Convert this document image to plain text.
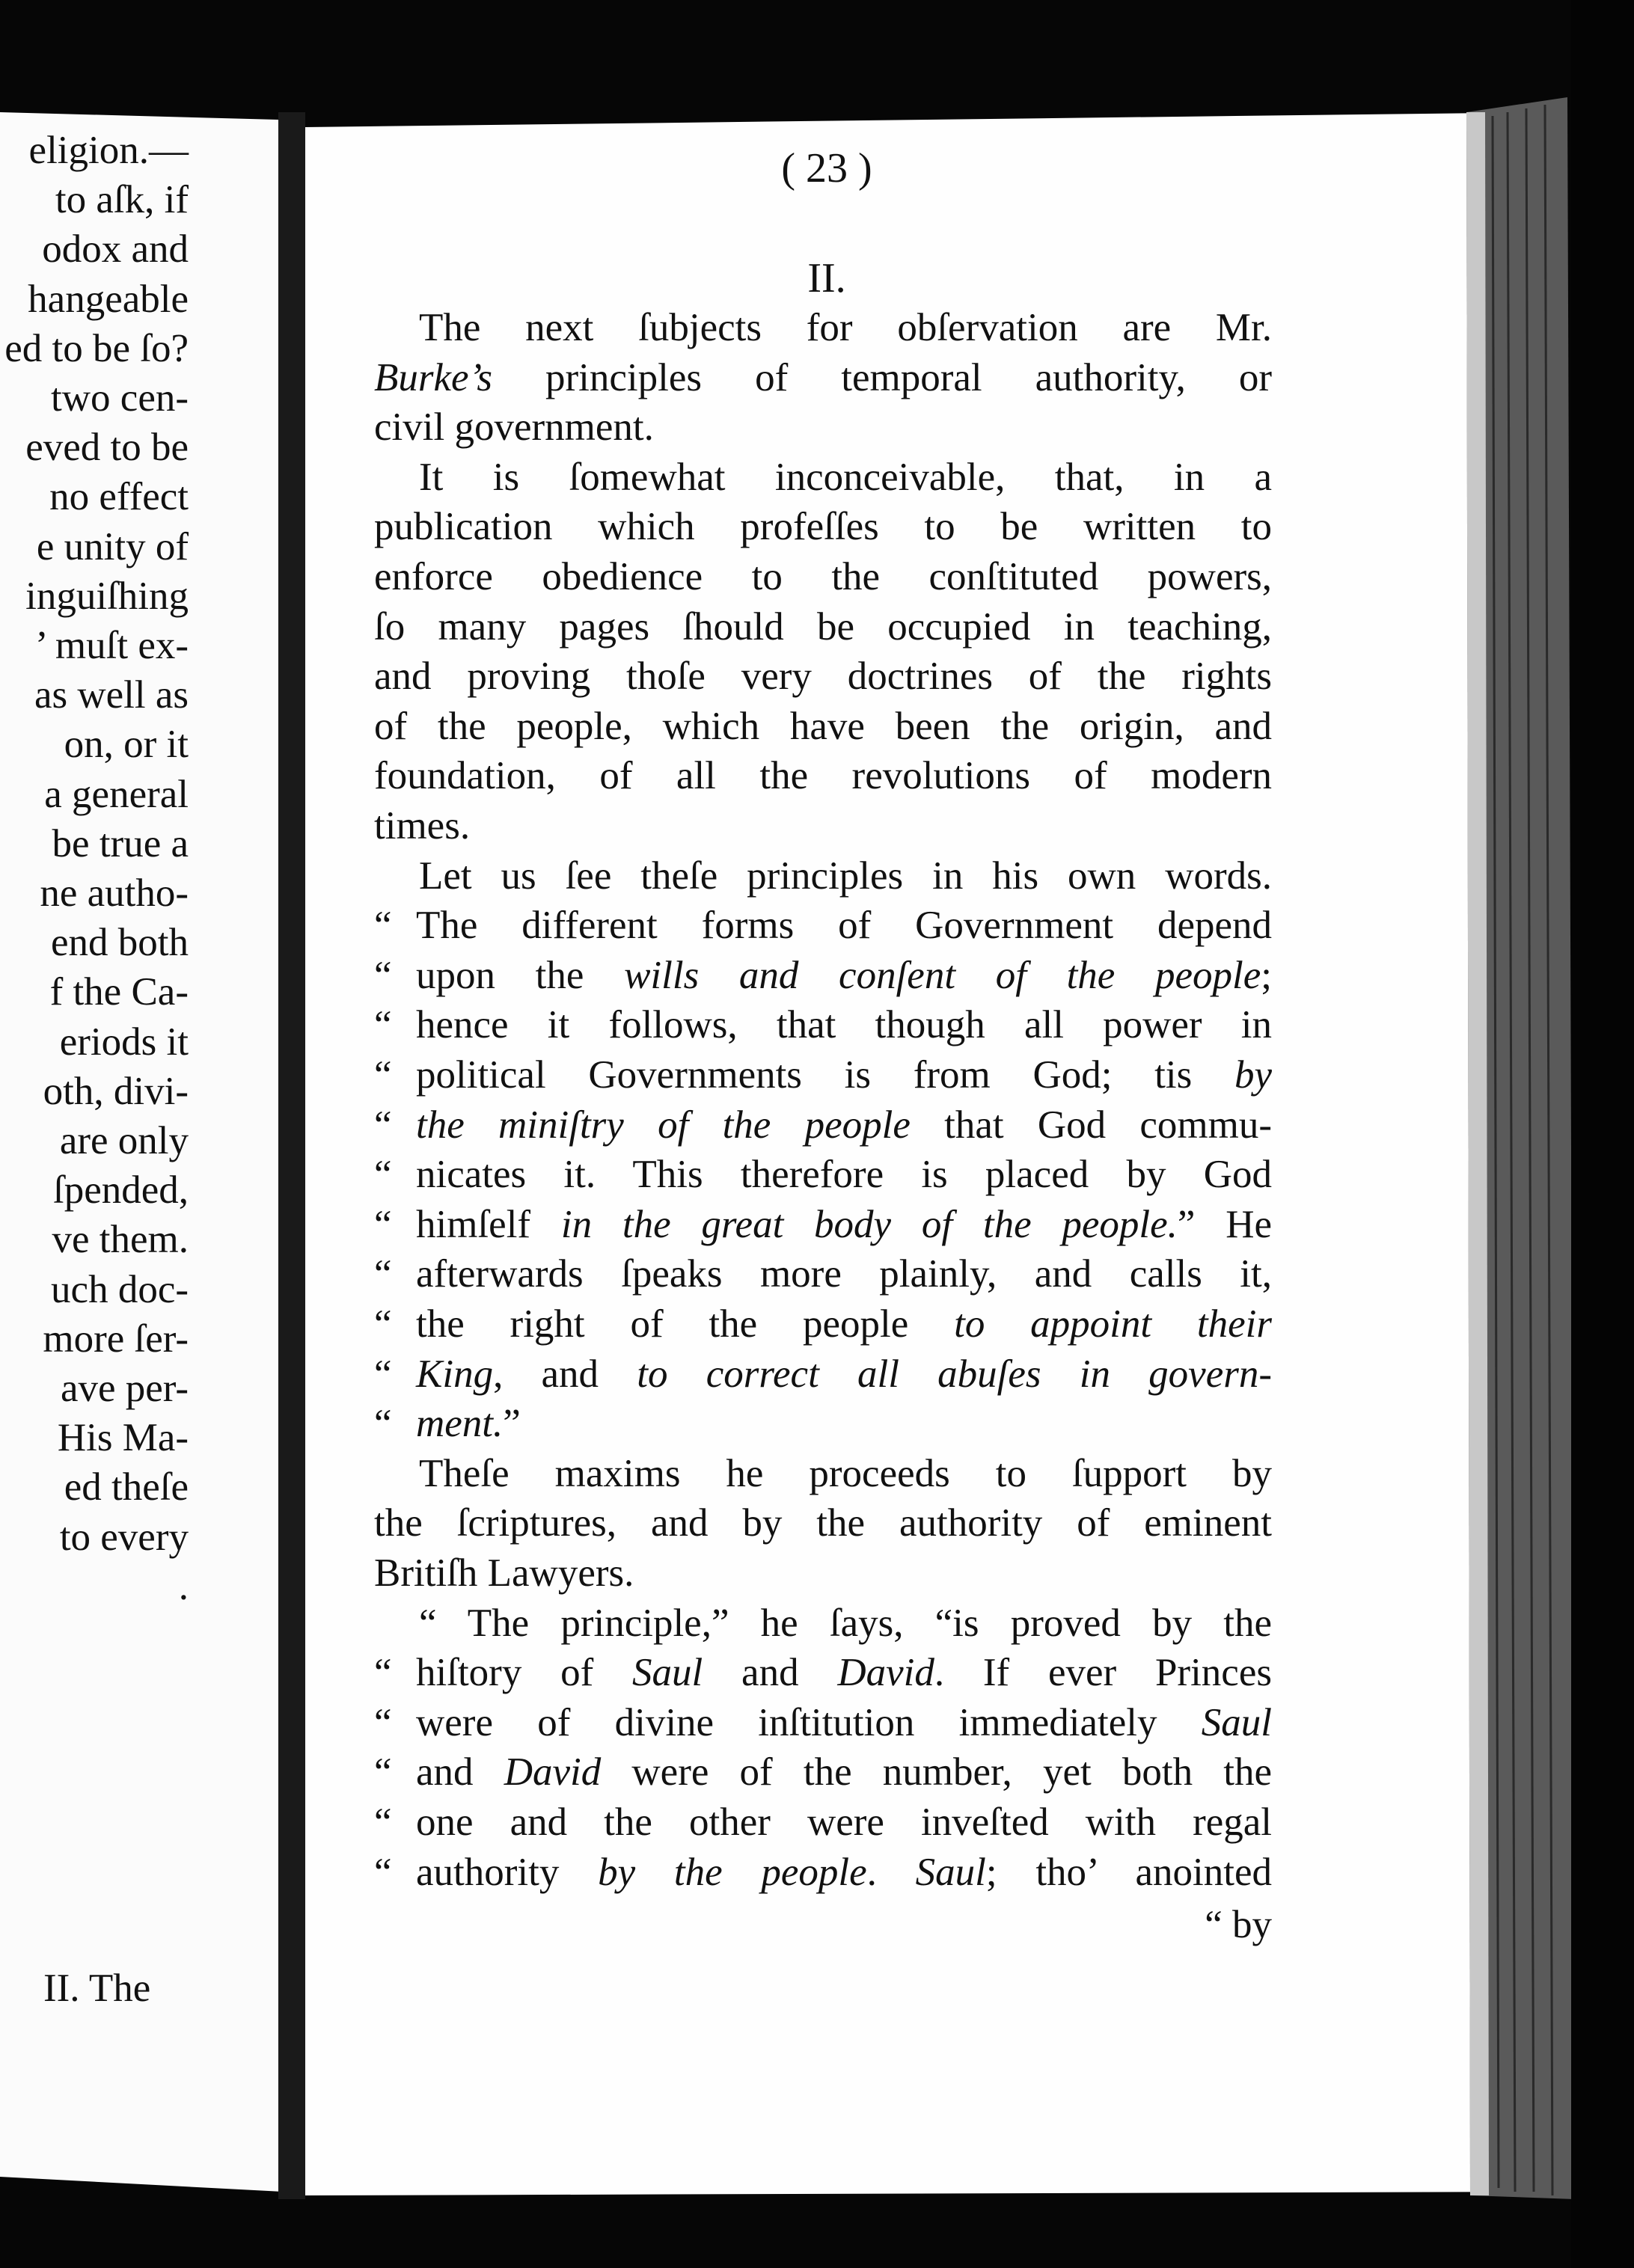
eligion.—
to aſk, if
odox and
hangeable
ed to be ſo?
two cen-
eved to be
no effect
e unity of
inguiſhing
’ muſt ex-
as well as
on, or it
a general
be true a
ne autho-
end both
f the Ca-
eriods it
oth, divi-
are only
ſpended,
ve them.
uch doc-
more ſer-
ave per-
His Ma-
ed theſe
to every
.
II. The
( 23 )
II.
The next ſubjects for obſervation are Mr.
Burke’s principles of temporal authority, or
civil government.
It is ſomewhat inconceivable, that, in a
publication which profeſſes to be written to
enforce obedience to the conſtituted powers,
ſo many pages ſhould be occupied in teaching,
and proving thoſe very doctrines of the rights
of the people, which have been the origin, and
foundation, of all the revolutions of modern
times.
Let us ſee theſe principles in his own words.
“ The different forms of Government depend
“ upon the wills and conſent of the people;
“ hence it follows, that though all power in
“ political Governments is from God; tis by
“ the miniſtry of the people that God commu-
“ nicates it. This therefore is placed by God
“ himſelf in the great body of the people.” He
“ afterwards ſpeaks more plainly, and calls it,
“ the right of the people to appoint their
“ King, and to correct all abuſes in govern-
“ ment.”
Theſe maxims he proceeds to ſupport by
the ſcriptures, and by the authority of eminent
Britiſh Lawyers.
“ The principle,” he ſays, “is proved by the
“ hiſtory of Saul and David. If ever Princes
“ were of divine inſtitution immediately Saul
“ and David were of the number, yet both the
“ one and the other were inveſted with regal
“ authority by the people. Saul; tho’ anointed
“ by
